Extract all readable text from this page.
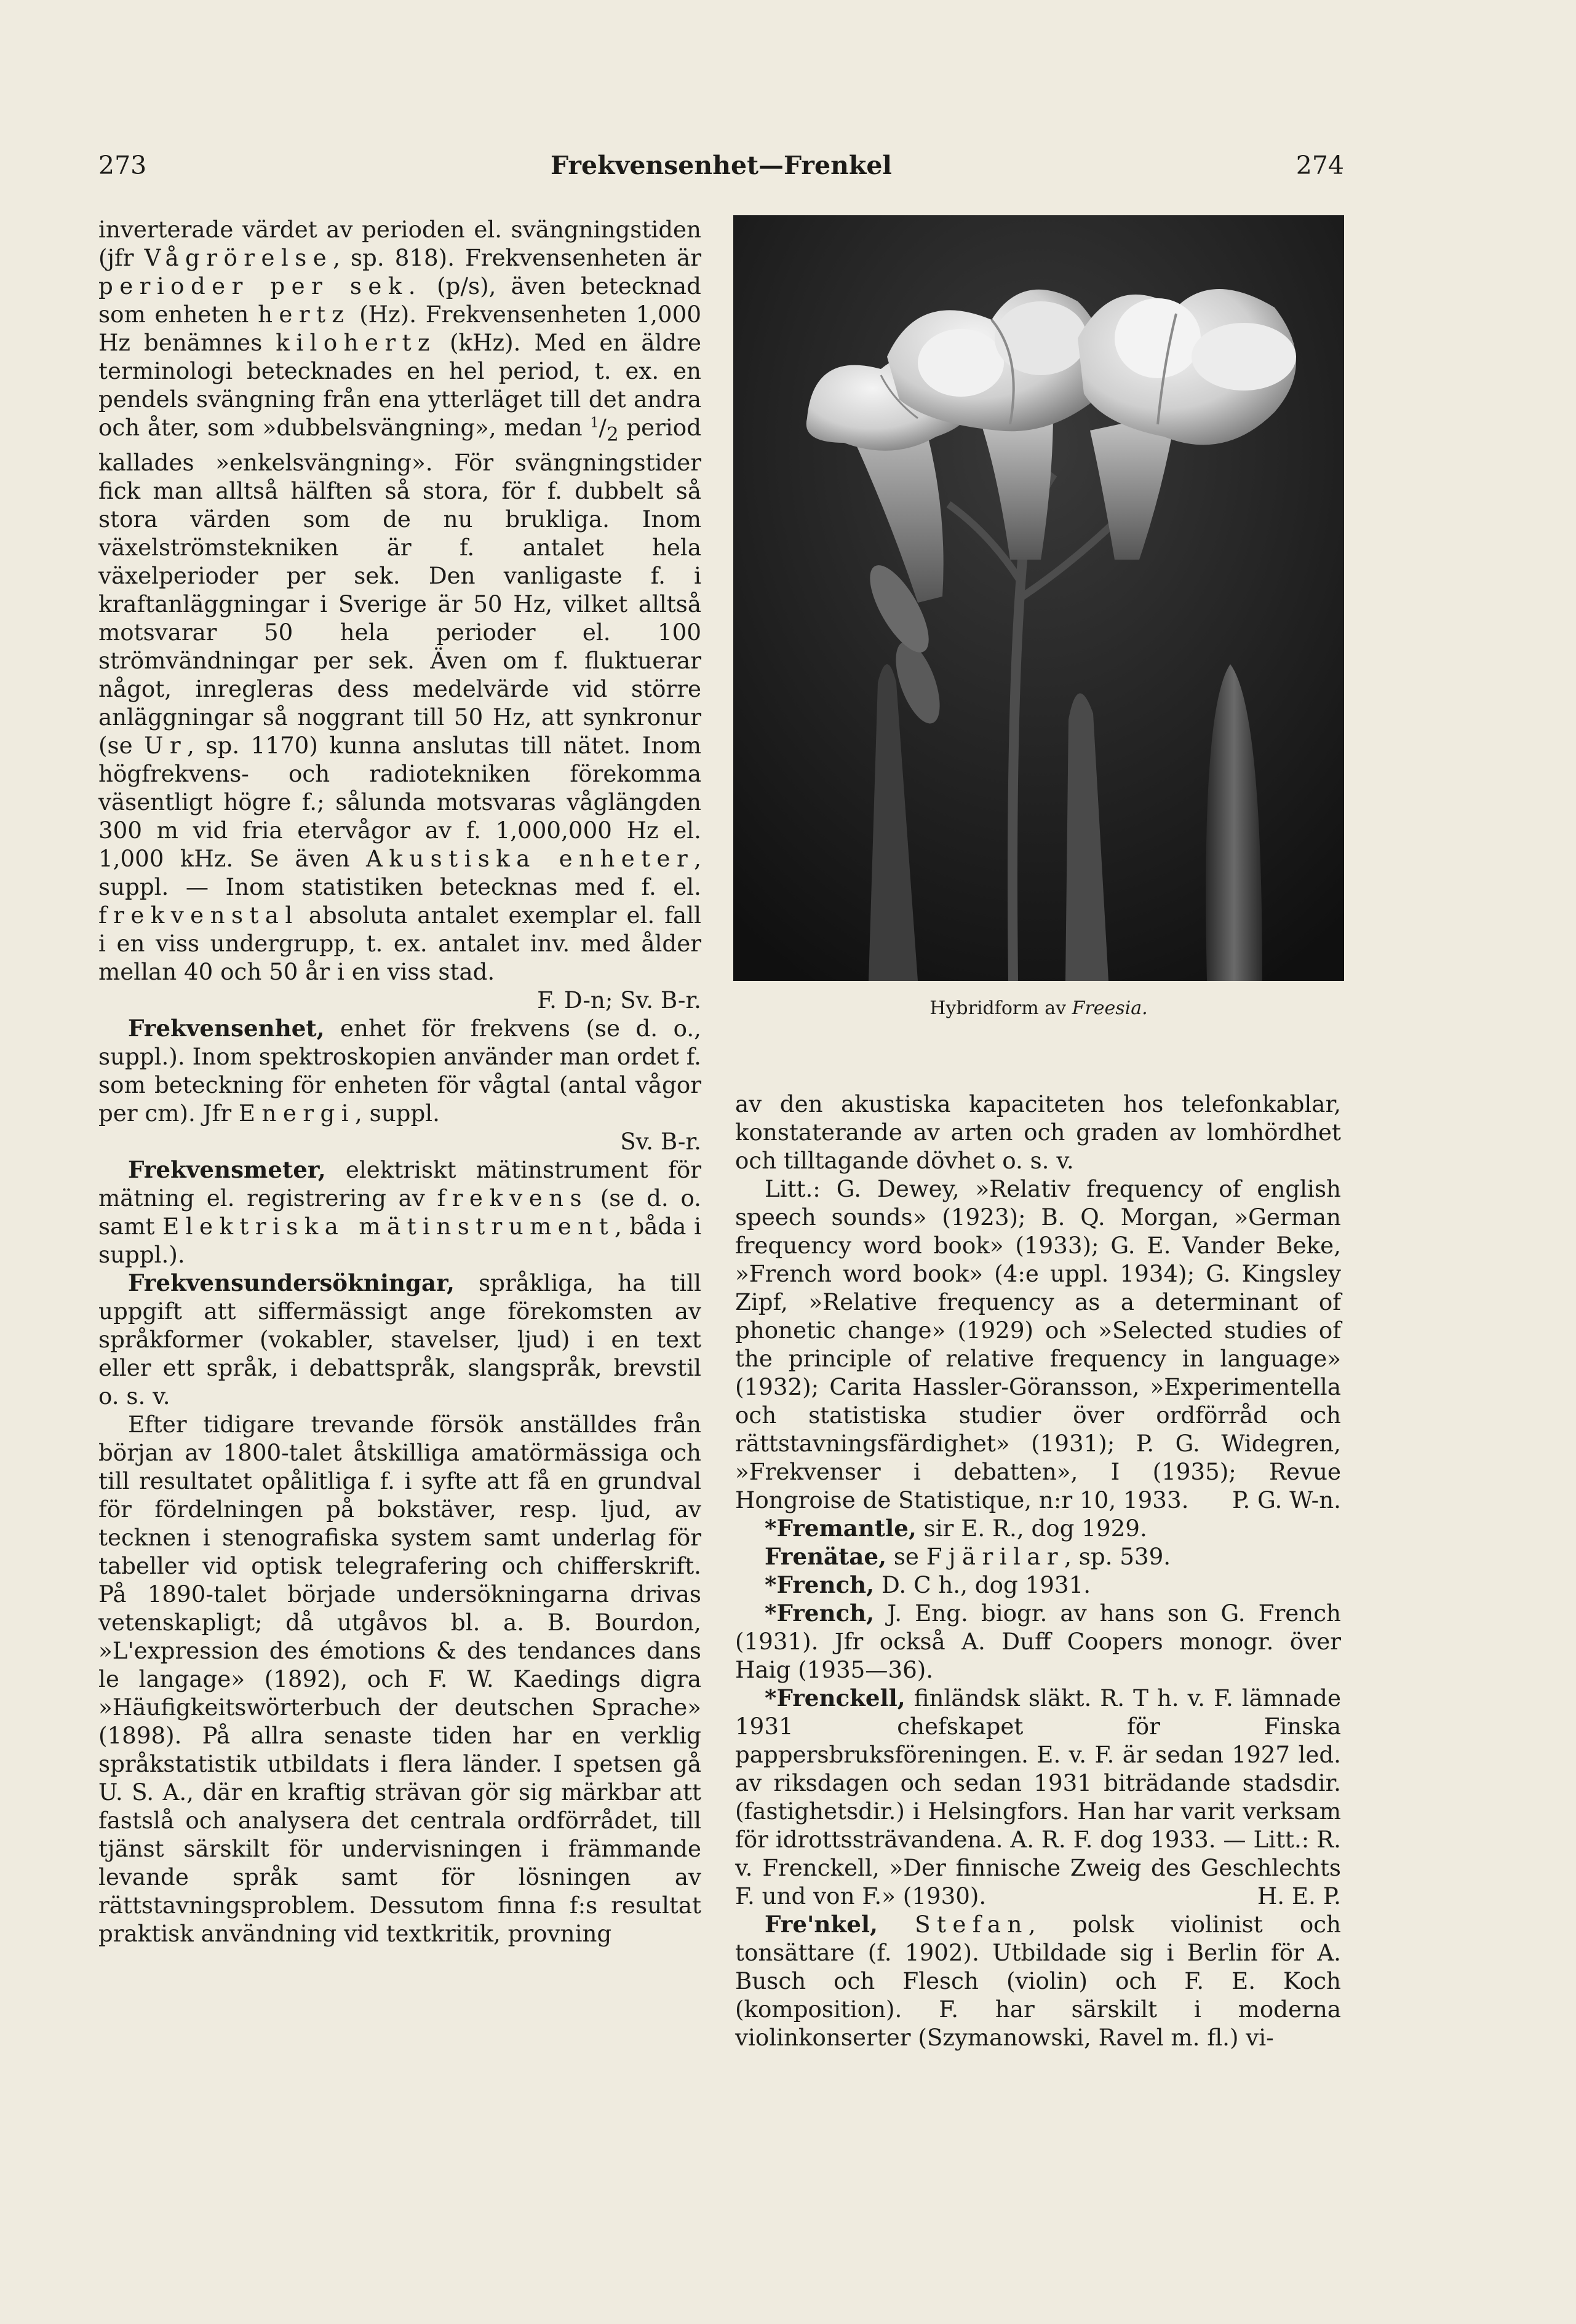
273	Frekvensenhet—Frenkel	274

inverterade värdet av perioden el. svängningstiden (jfr Vågrörelse, sp. 818). Frekvensenheten är perioder per sek. (p/s), även betecknad som enheten hertz (Hz). Frekvensenheten 1,000 Hz benämnes kilohertz (kHz). Med en äldre terminologi betecknades en hel period, t. ex. en pendels svängning från ena ytterläget till det andra och åter, som »dubbelsvängning», medan $^1/_2$ period kallades »enkelsvängning». För svängningstider fick man alltså hälften så stora, för f. dubbelt så stora värden som de nu brukliga. Inom växelströmstekniken är f. antalet hela växelperioder per sek. Den vanligaste f. i kraftanläggningar i Sverige är 50 Hz, vilket alltså motsvarar 50 hela perioder el. 100 strömvändningar per sek. Även om f. fluktuerar något, inregleras dess medelvärde vid större anläggningar så noggrant till 50 Hz, att synkronur (se Ur, sp. 1170) kunna anslutas till nätet. Inom högfrekvens- och radiotekniken förekomma väsentligt högre f.; sålunda motsvaras våglängden 300 m vid fria etervågor av f. 1,000,000 Hz el. 1,000 kHz. Se även Akustiska enheter, suppl. — Inom statistiken betecknas med f. el. frekvenstal absoluta antalet exemplar el. fall i en viss undergrupp, t. ex. antalet inv. med ålder mellan 40 och 50 år i en viss stad.
F. D-n; Sv. B-r.

Frekvensenhet, enhet för frekvens (se d. o., suppl.). Inom spektroskopien använder man ordet f. som beteckning för enheten för vågtal (antal vågor per cm). Jfr Energi, suppl.
Sv. B-r.

Frekvensmeter, elektriskt mätinstrument för mätning el. registrering av frekvens (se d. o. samt Elektriska mätinstrument, båda i suppl.).

Frekvensundersökningar, språkliga, ha till uppgift att siffermässigt ange förekomsten av språkformer (vokabler, stavelser, ljud) i en text eller ett språk, i debattspråk, slangspråk, brevstil o. s. v.

Efter tidigare trevande försök anställdes från början av 1800-talet åtskilliga amatörmässiga och till resultatet opålitliga f. i syfte att få en grundval för fördelningen på bokstäver, resp. ljud, av tecknen i stenografiska system samt underlag för tabeller vid optisk telegrafering och chifferskrift. På 1890-talet började undersökningarna drivas vetenskapligt; då utgåvos bl. a. B. Bourdon, »L'expression des émotions & des tendances dans le langage» (1892), och F. W. Kaedings digra »Häufigkeitswörterbuch der deutschen Sprache» (1898). På allra senaste tiden har en verklig språkstatistik utbildats i flera länder. I spetsen gå U. S. A., där en kraftig strävan gör sig märkbar att fastslå och analysera det centrala ordförrådet, till tjänst särskilt för undervisningen i främmande levande språk samt för lösningen av rättstavningsproblem. Dessutom finna f:s resultat praktisk användning vid textkritik, provning

Hybridform av Freesia.

av den akustiska kapaciteten hos telefonkablar, konstaterande av arten och graden av lomhördhet och tilltagande dövhet o. s. v.

Litt.: G. Dewey, »Relativ frequency of english speech sounds» (1923); B. Q. Morgan, »German frequency word book» (1933); G. E. Vander Beke, »French word book» (4:e uppl. 1934); G. Kingsley Zipf, »Relative frequency as a determinant of phonetic change» (1929) och »Selected studies of the principle of relative frequency in language» (1932); Carita Hassler-Göransson, »Experimentella och statistiska studier över ordförråd och rättstavningsfärdighet» (1931); P. G. Widegren, »Frekvenser i debatten», I (1935); Revue Hongroise de Statistique, n:r 10, 1933.	P. G. W-n.

*Fremantle, sir E. R., dog 1929.

Frenätae, se Fjärilar, sp. 539.

*French, D. C h., dog 1931.

*French, J. Eng. biogr. av hans son G. French (1931). Jfr också A. Duff Coopers monogr. över Haig (1935—36).

*Frenckell, finländsk släkt. R. T h. v. F. lämnade 1931 chefskapet för Finska pappersbruksföreningen. E. v. F. är sedan 1927 led. av riksdagen och sedan 1931 biträdande stadsdir. (fastighetsdir.) i Helsingfors. Han har varit verksam för idrottssträvandena. A. R. F. dog 1933. — Litt.: R. v. Frenckell, »Der finnische Zweig des Geschlechts F. und von F.» (1930).	H. E. P.

Fre'nkel, Stefan, polsk violinist och tonsättare (f. 1902). Utbildade sig i Berlin för A. Busch och Flesch (violin) och F. E. Koch (komposition). F. har särskilt i moderna violinkonserter (Szymanowski, Ravel m. fl.) vi-
